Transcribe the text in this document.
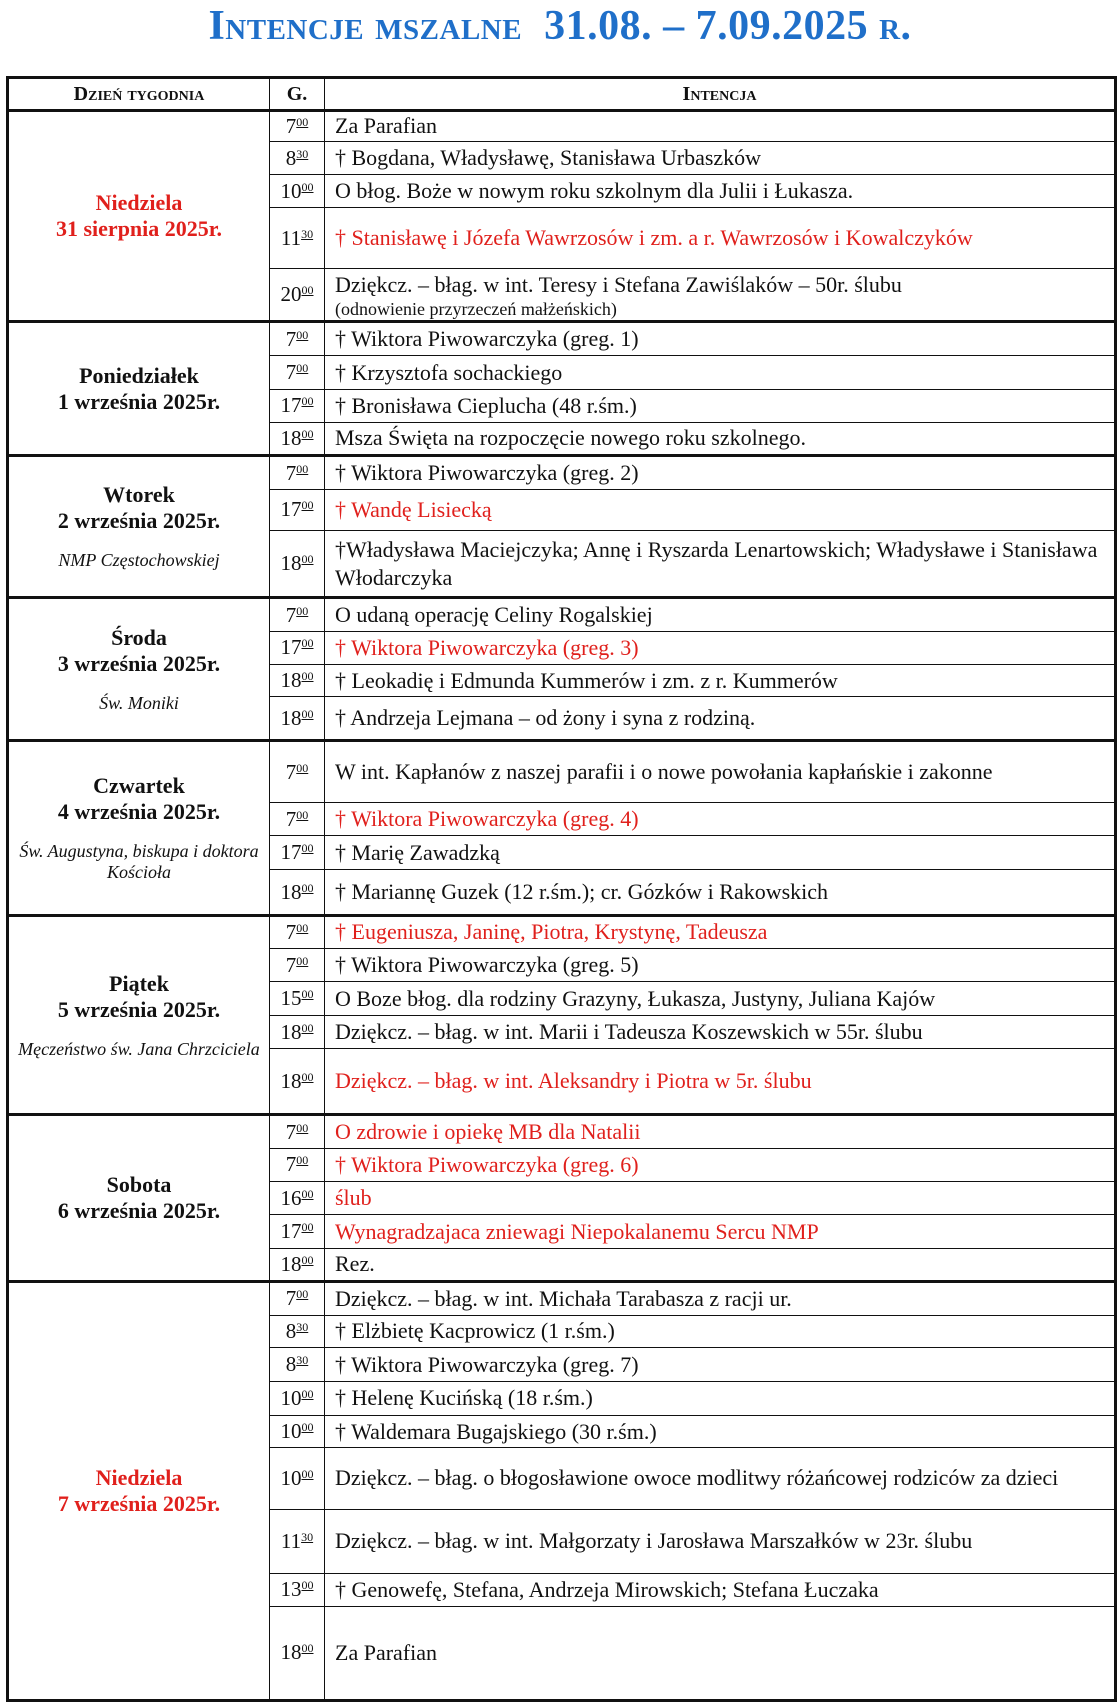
Intencje mszalne 31.08. – 7.09.2025 r.
Dzień tygodnia	G.	Intencja
Niedziela
31 sierpnia 2025r.	$7^{00}$	Za Parafian
	$8^{30}$	† Bogdana, Władysławę, Stanisława Urbaszków
	$10^{00}$	O błog. Boże w nowym roku szkolnym dla Julii i Łukasza.
	$11^{30}$	† Stanisławę i Józefa Wawrzosów i zm. a r. Wawrzosów i Kowalczyków
	$20^{00}$	Dziękcz. – błag. w int. Teresy i Stefana Zawiślaków – 50r. ślubu
(odnowienie przyrzeczeń małżeńskich)

Poniedziałek
1 września 2025r.	$7^{00}$	† Wiktora Piwowarczyka (greg. 1)
	$7^{00}$	† Krzysztofa sochackiego
	$17^{00}$	† Bronisława Cieplucha (48 r.śm.)
	$18^{00}$	Msza Święta na rozpoczęcie nowego roku szkolnego.
Wtorek
2 września 2025r.
NMP Częstochowskiej	$7^{00}$	† Wiktora Piwowarczyka (greg. 2)
	$17^{00}$	† Wandę Lisiecką
	$18^{00}$	†Władysława Maciejczyka; Annę i Ryszarda Lenartowskich; Władysławe i Stanisława Włodarczyka
Środa
3 września 2025r.
Św. Moniki	$7^{00}$	O udaną operację Celiny Rogalskiej
	$17^{00}$	† Wiktora Piwowarczyka (greg. 3)
	$18^{00}$	† Leokadię i Edmunda Kummerów i zm. z r. Kummerów
	$18^{00}$	† Andrzeja Lejmana – od żony i syna z rodziną.
Czwartek
4 września 2025r.
Św. Augustyna, biskupa i doktora Kościoła	$7^{00}$	W int. Kapłanów z naszej parafii i o nowe powołania kapłańskie i zakonne
	$7^{00}$	† Wiktora Piwowarczyka (greg. 4)
	$17^{00}$	† Marię Zawadzką
	$18^{00}$	† Mariannę Guzek (12 r.śm.); cr. Gózków i Rakowskich
Piątek
5 września 2025r.
Męczeństwo św. Jana Chrzciciela	$7^{00}$	† Eugeniusza, Janinę, Piotra, Krystynę, Tadeusza
	$7^{00}$	† Wiktora Piwowarczyka (greg. 5)
	$15^{00}$	O Boze błog. dla rodziny Grazyny, Łukasza, Justyny, Juliana Kajów
	$18^{00}$	Dziękcz. – błag. w int. Marii i Tadeusza Koszewskich w 55r. ślubu
	$18^{00}$	Dziękcz. – błag. w int. Aleksandry i Piotra w 5r. ślubu
Sobota
6 września 2025r.	$7^{00}$	O zdrowie i opiekę MB dla Natalii
	$7^{00}$	† Wiktora Piwowarczyka (greg. 6)
	$16^{00}$	ślub
	$17^{00}$	Wynagradzajaca zniewagi Niepokalanemu Sercu NMP
	$18^{00}$	Rez.
Niedziela
7 września 2025r.	$7^{00}$	Dziękcz. – błag. w int. Michała Tarabasza z racji ur.
	$8^{30}$	† Elżbietę Kacprowicz (1 r.śm.)
	$8^{30}$	† Wiktora Piwowarczyka (greg. 7)
	$10^{00}$	† Helenę Kucińską (18 r.śm.)
	$10^{00}$	† Waldemara Bugajskiego (30 r.śm.)
	$10^{00}$	Dziękcz. – błag. o błogosławione owoce modlitwy różańcowej rodziców za dzieci
	$11^{30}$	Dziękcz. – błag. w int. Małgorzaty i Jarosława Marszałków w 23r. ślubu
	$13^{00}$	† Genowefę, Stefana, Andrzeja Mirowskich; Stefana Łuczaka
	$18^{00}$	Za Parafian
